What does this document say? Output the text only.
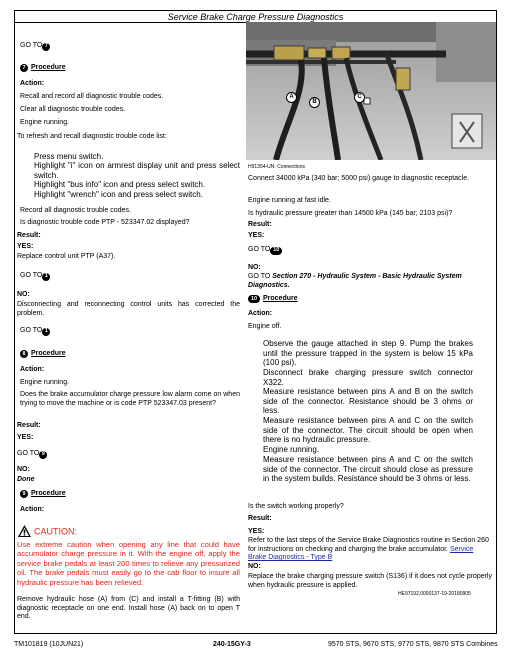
Service Brake Charge Pressure Diagnostics
GO TO 7
7 Procedure
Action:
Recall and record all diagnostic trouble codes.
Clear all diagnostic trouble codes.
Engine running.
To refresh and recall diagnostic trouble code list:
Press menu switch.
Highlight "i" icon on armrest display unit and press select switch.
Highlight "bus info" icon and press select switch.
Highlight "wrench" icon and press select switch.
Record all diagnostic trouble codes.
Is diagnostic trouble code PTP - 523347.02 displayed?
Result:
YES:
Replace control unit PTP (A37).
GO TO 1
NO:
Disconnecting and reconnecting control units has corrected the problem.
GO TO 1
8 Procedure
Action:
Engine running.
Does the brake accumulator charge pressure low alarm come on when trying to move the machine or is code PTP 523347.03 present?
Result:
YES:
GO TO 9
NO:
Done
9 Procedure
Action:
CAUTION:
Use extreme caution when opening any line that could have accumulator charge pressure in it. With the engine off, apply the service brake pedals at least 200 times to relieve any pressurized oil. The brake pedals must easily go to the cab floor to insure all hydraulic pressure has been relieved.
Remove hydraulic hose (A) from (C) and install a T-fitting (B) with diagnostic receptacle on one end. Install hose (A) back on to open T end.
A
B
C
H91354-UN: Connections
Connect 34000 kPa (340 bar; 5000 psi) gauge to diagnostic receptacle.
Engine running at fast idle.
Is hydraulic pressure greater than 14500 kPa (145 bar; 2103 psi)?
Result:
YES:
GO TO 10
NO:
GO TO Section 270 - Hydraulic System - Basic Hydraulic System Diagnostics.
10 Procedure
Action:
Engine off.
Observe the gauge attached in step 9. Pump the brakes until the pressure trapped in the system is below 15 kPa (100 psi).
Disconnect brake charging pressure switch connector X322.
Measure resistance between pins A and B on the switch side of the connector. Resistance should be 3 ohms or less.
Measure resistance between pins A and C on the switch side of the connector. The circuit should be open when there is no hydraulic pressure.
Engine running.
Measure resistance between pins A and C on the switch side of the connector. The circuit should close as pressure in the system builds. Resistance should be 3 ohms or less.
Is the switch working properly?
Result:
YES:
Refer to the last steps of the Service Brake Diagnostics routine in Section 260 for instructions on checking and charging the brake accumulator. Service Brake Diagnostics - Type B
NO:
Replace the brake charging pressure switch (S136) if it does not cycle properly when hydraulic pressure is applied.
HE97192,0000137-19-20180905
TM101819 (10JUN21)	240-15GY-3	9570 STS, 9670 STS, 9770 STS, 9870 STS Combines
